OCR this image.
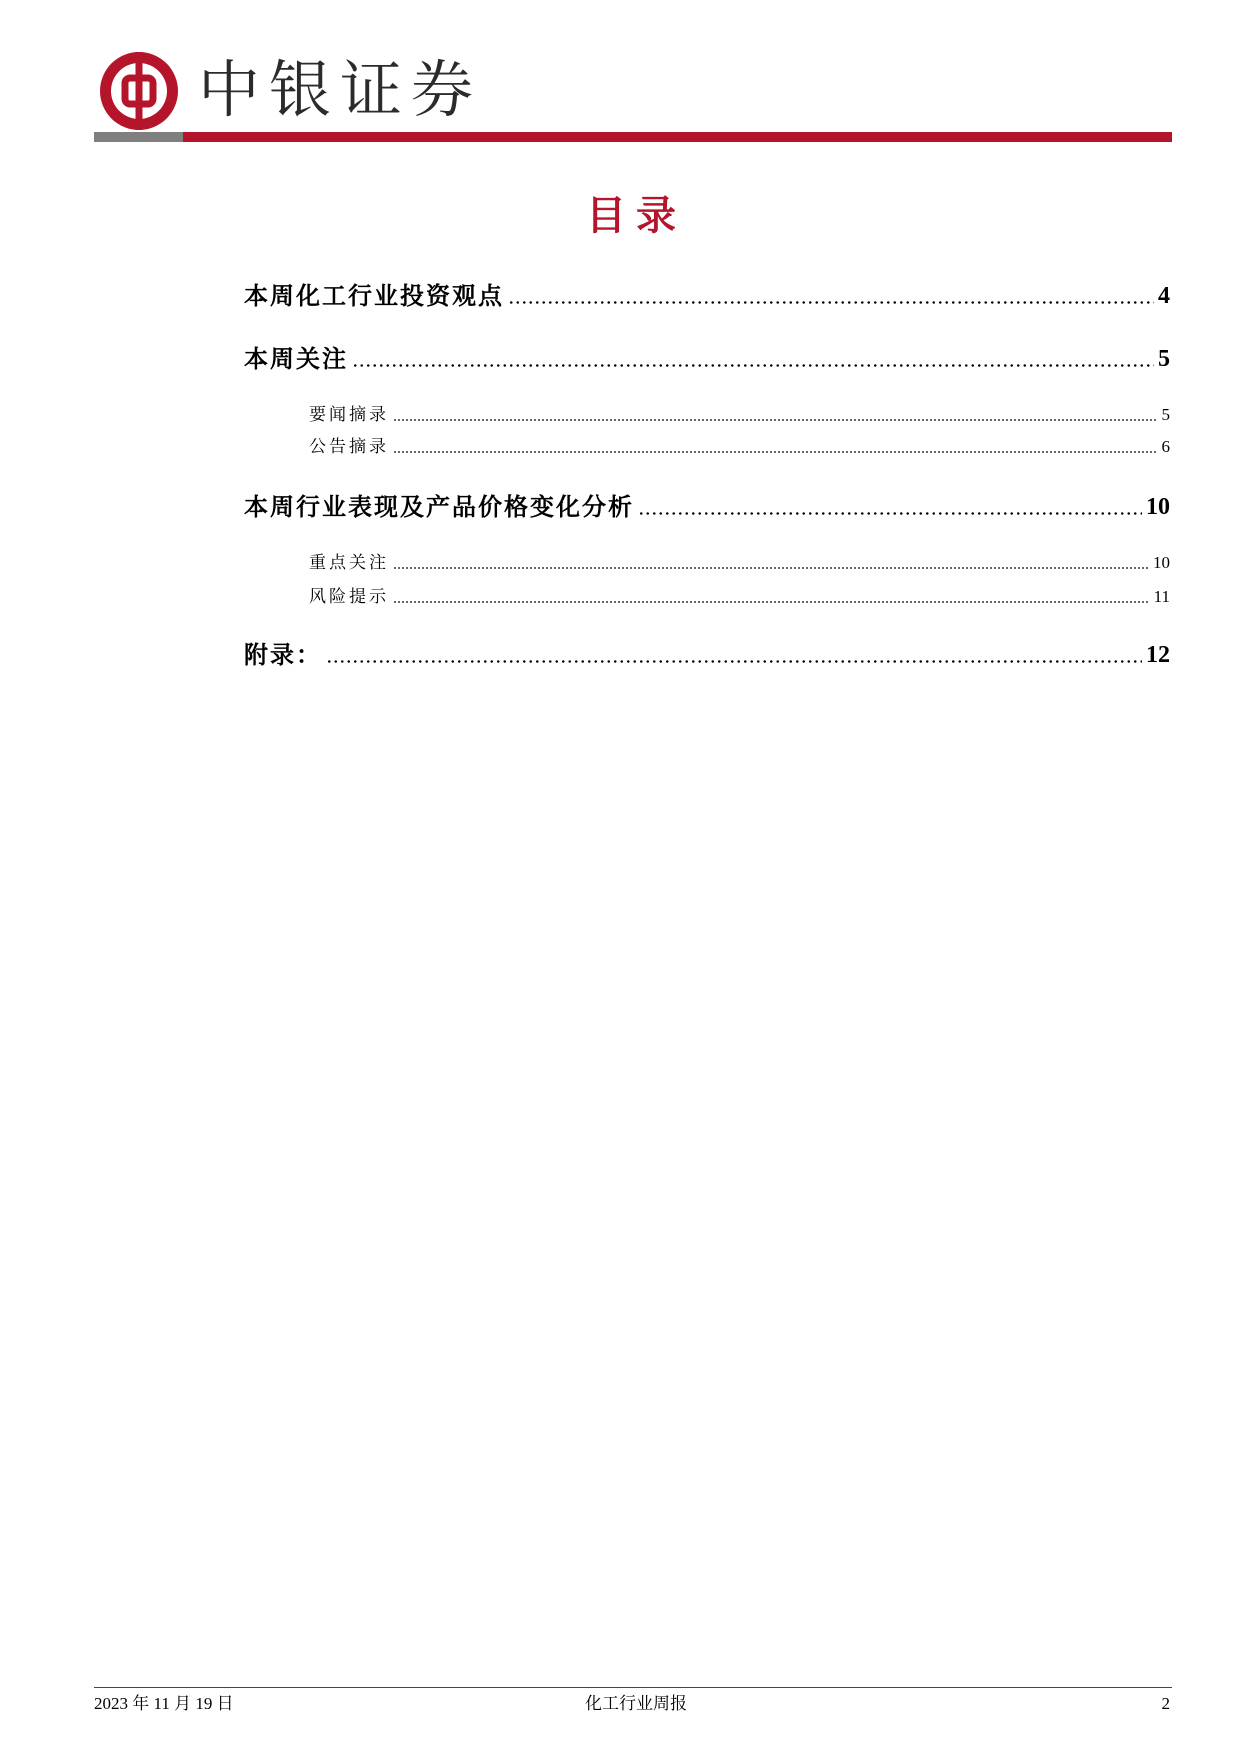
中银证券
目录
本周化工行业投资观点	4
本周关注	5
要闻摘录	5
公告摘录	6
本周行业表现及产品价格变化分析	10
重点关注	10
风险提示	11
附录：	12
2023 年 11 月 19 日	化工行业周报	2
